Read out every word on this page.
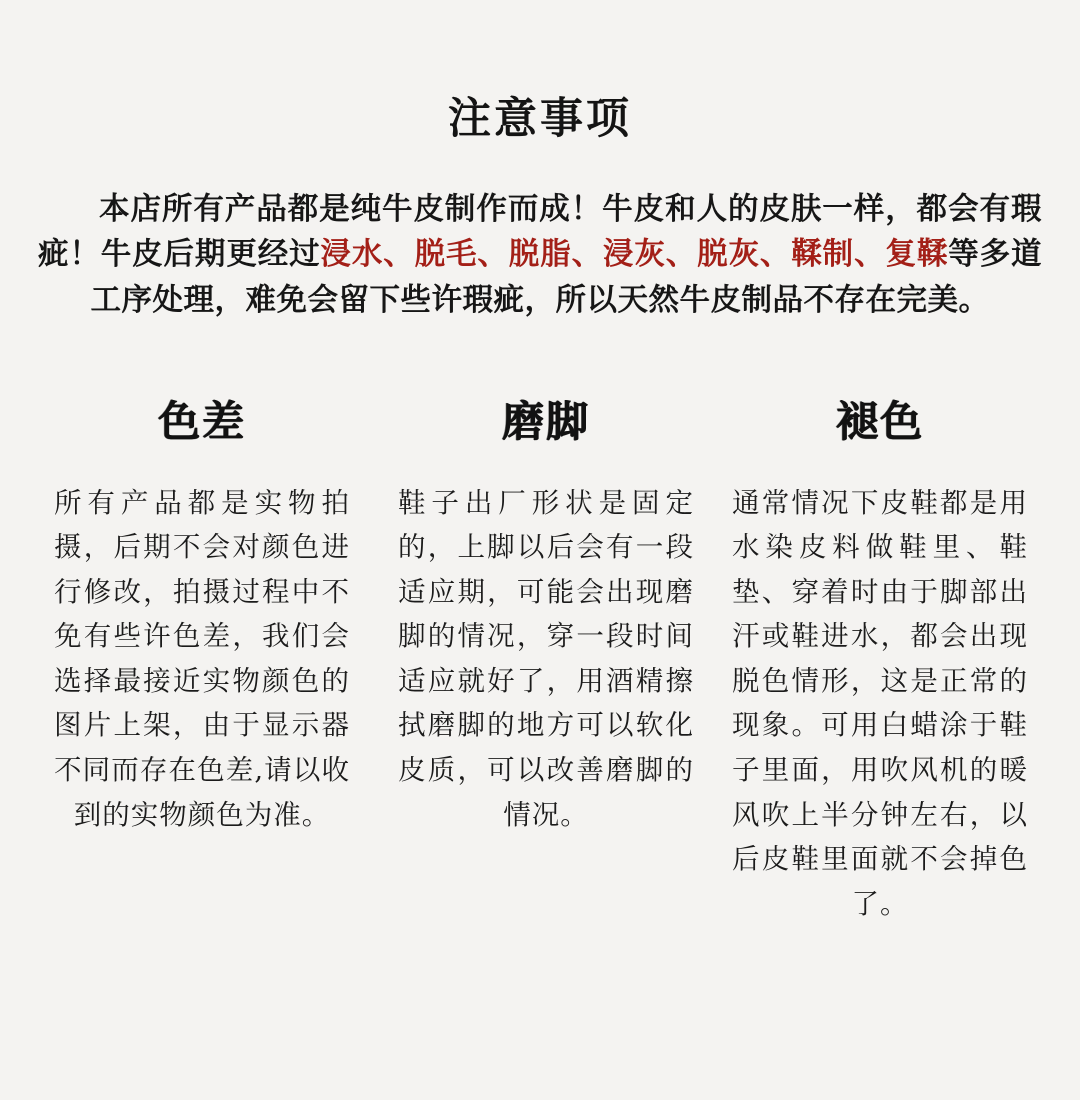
注意事项

本店所有产品都是纯牛皮制作而成！牛皮和人的皮肤一样，都会有瑕疵！牛皮后期更经过浸水、脱毛、脱脂、浸灰、脱灰、鞣制、复鞣等多道工序处理，难免会留下些许瑕疵，所以天然牛皮制品不存在完美。

色差
所有产品都是实物拍摄，后期不会对颜色进行修改，拍摄过程中不免有些许色差，我们会选择最接近实物颜色的图片上架，由于显示器不同而存在色差,请以收到的实物颜色为准。
磨脚
鞋子出厂形状是固定的，上脚以后会有一段适应期，可能会出现磨脚的情况，穿一段时间适应就好了，用酒精擦拭磨脚的地方可以软化皮质，可以改善磨脚的情况。
褪色
通常情况下皮鞋都是用水染皮料做鞋里、鞋垫、穿着时由于脚部出汗或鞋进水，都会出现脱色情形，这是正常的现象。可用白蜡涂于鞋子里面，用吹风机的暖风吹上半分钟左右，以后皮鞋里面就不会掉色了。
